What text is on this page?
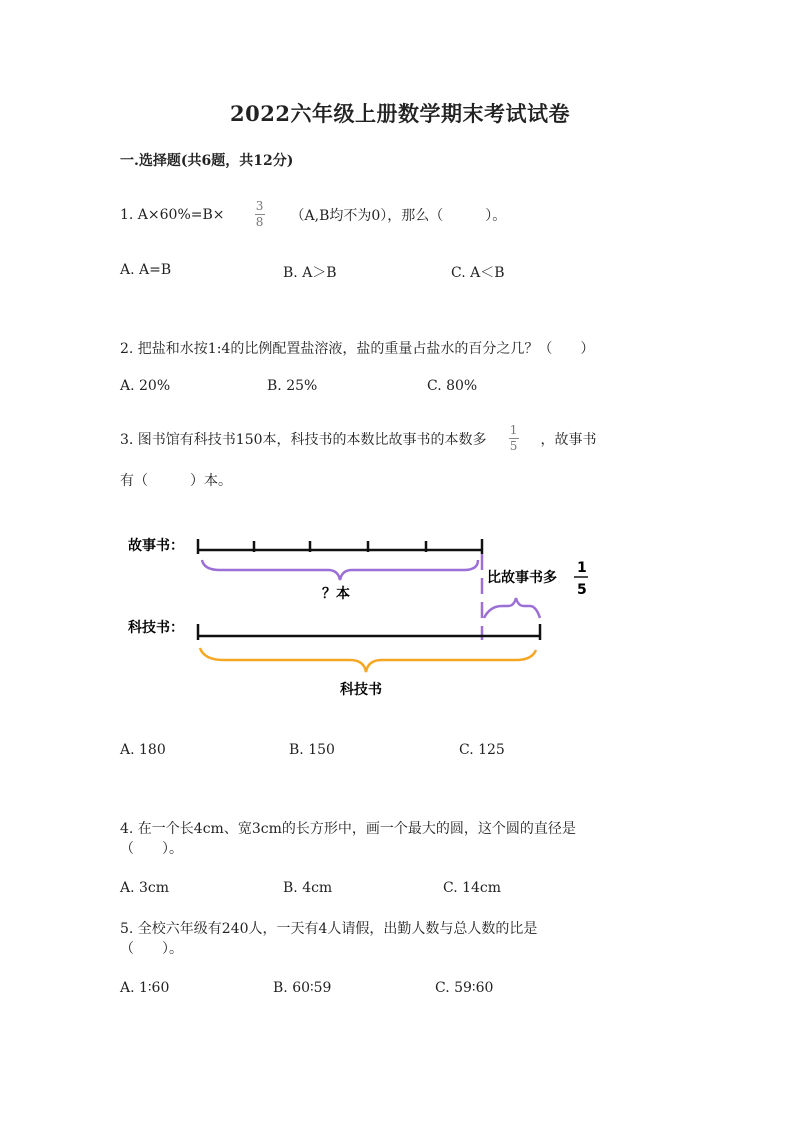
2022六年级上册数学期末考试试卷
一.选择题(共6题，共12分)
1. A×60%=B×	$\frac{3}{8} (A,B$均不为0），那么（　　　）。
A. A=B	B. A＞B	C. A＜B
2. 把盐和水按1:4的比例配置盐溶液，盐的重量占盐水的百分之几？（　　）
A. 20%	B. 25%	C. 80%
3. 图书馆有科技书150本，科技书的本数比故事书的本数多 $\frac{1}{5}$ ，故事书
有（　　　）本。
故事书：
？本
比故事书多
1
5
科技书：
科技书
A. 180	B. 150	C. 125
4. 在一个长4cm、宽3cm的长方形中，画一个最大的圆，这个圆的直径是
（　　）。
A. 3cm	B. 4cm	C. 14cm
5. 全校六年级有240人，一天有4人请假，出勤人数与总人数的比是
（　　）。
A. 1∶60	B. 60∶59	C. 59∶60
